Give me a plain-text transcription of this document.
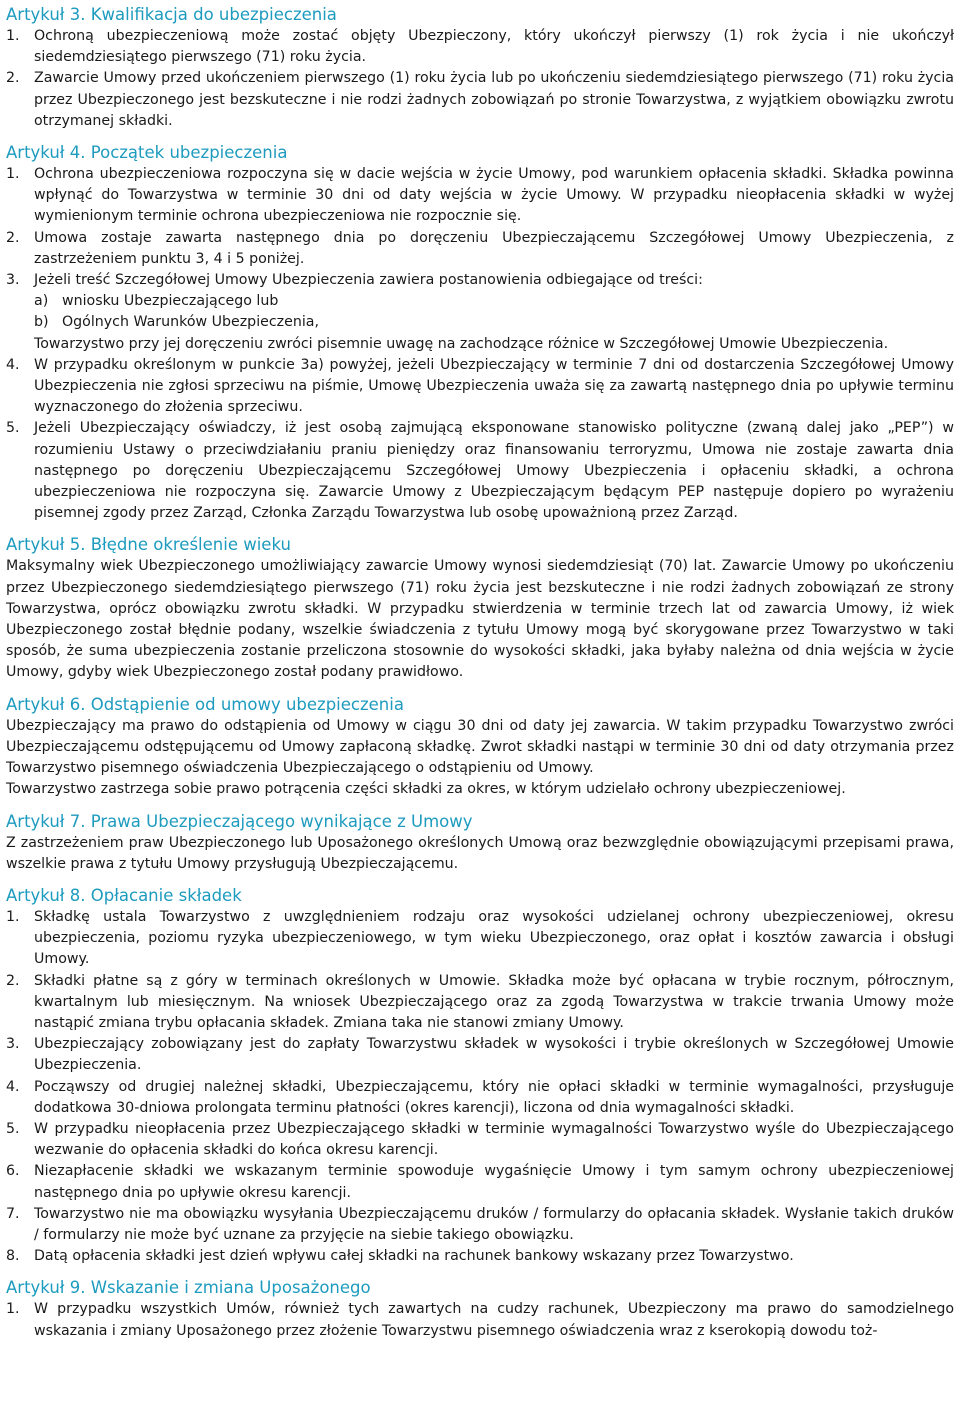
Artykuł 3. Kwalifikacja do ubezpieczenia
1. Ochroną ubezpieczeniową może zostać objęty Ubezpieczony, który ukończył pierwszy (1) rok życia i nie ukończył siedemdziesiątego pierwszego (71) roku życia.
2. Zawarcie Umowy przed ukończeniem pierwszego (1) roku życia lub po ukończeniu siedemdziesiątego pierwszego (71) roku życia przez Ubezpieczonego jest bezskuteczne i nie rodzi żadnych zobowiązań po stronie Towarzystwa, z wyjątkiem obowiązku zwrotu otrzymanej składki.
Artykuł 4. Początek ubezpieczenia
1. Ochrona ubezpieczeniowa rozpoczyna się w dacie wejścia w życie Umowy, pod warunkiem opłacenia składki. Składka powinna wpłynąć do Towarzystwa w terminie 30 dni od daty wejścia w życie Umowy. W przypadku nieopłacenia składki w wyżej wymienionym terminie ochrona ubezpieczeniowa nie rozpocznie się.
2. Umowa zostaje zawarta następnego dnia po doręczeniu Ubezpieczającemu Szczegółowej Umowy Ubezpieczenia, z zastrzeżeniem punktu 3, 4 i 5 poniżej.
3. Jeżeli treść Szczegółowej Umowy Ubezpieczenia zawiera postanowienia odbiegające od treści:
a) wniosku Ubezpieczającego lub
b) Ogólnych Warunków Ubezpieczenia,
Towarzystwo przy jej doręczeniu zwróci pisemnie uwagę na zachodzące różnice w Szczegółowej Umowie Ubezpieczenia.
4. W przypadku określonym w punkcie 3a) powyżej, jeżeli Ubezpieczający w terminie 7 dni od dostarczenia Szczegółowej Umowy Ubezpieczenia nie zgłosi sprzeciwu na piśmie, Umowę Ubezpieczenia uważa się za zawartą następnego dnia po upływie terminu wyznaczonego do złożenia sprzeciwu.
5. Jeżeli Ubezpieczający oświadczy, iż jest osobą zajmującą eksponowane stanowisko polityczne (zwaną dalej jako „PEP”) w rozumieniu Ustawy o przeciwdziałaniu praniu pieniędzy oraz finansowaniu terroryzmu, Umowa nie zostaje zawarta dnia następnego po doręczeniu Ubezpieczającemu Szczegółowej Umowy Ubezpieczenia i opłaceniu składki, a ochrona ubezpieczeniowa nie rozpoczyna się. Zawarcie Umowy z Ubezpieczającym będącym PEP następuje dopiero po wyrażeniu pisemnej zgody przez Zarząd, Członka Zarządu Towarzystwa lub osobę upoważnioną przez Zarząd.
Artykuł 5. Błędne określenie wieku

Maksymalny wiek Ubezpieczonego umożliwiający zawarcie Umowy wynosi siedemdziesiąt (70) lat. Zawarcie Umowy po ukończeniu przez Ubezpieczonego siedemdziesiątego pierwszego (71) roku życia jest bezskuteczne i nie rodzi żadnych zobowiązań ze strony Towarzystwa, oprócz obowiązku zwrotu składki. W przypadku stwierdzenia w terminie trzech lat od zawarcia Umowy, iż wiek Ubezpieczonego został błędnie podany, wszelkie świadczenia z tytułu Umowy mogą być skorygowane przez Towarzystwo w taki sposób, że suma ubezpieczenia zostanie przeliczona stosownie do wysokości składki, jaka byłaby należna od dnia wejścia w życie Umowy, gdyby wiek Ubezpieczonego został podany prawidłowo.

Artykuł 6. Odstąpienie od umowy ubezpieczenia

Ubezpieczający ma prawo do odstąpienia od Umowy w ciągu 30 dni od daty jej zawarcia. W takim przypadku Towarzystwo zwróci Ubezpieczającemu odstępującemu od Umowy zapłaconą składkę. Zwrot składki nastąpi w terminie 30 dni od daty otrzymania przez Towarzystwo pisemnego oświadczenia Ubezpieczającego o odstąpieniu od Umowy.

Towarzystwo zastrzega sobie prawo potrącenia części składki za okres, w którym udzielało ochrony ubezpieczeniowej.

Artykuł 7. Prawa Ubezpieczającego wynikające z Umowy

Z zastrzeżeniem praw Ubezpieczonego lub Uposażonego określonych Umową oraz bezwzględnie obowiązującymi przepisami prawa, wszelkie prawa z tytułu Umowy przysługują Ubezpieczającemu.

Artykuł 8. Opłacanie składek
1. Składkę ustala Towarzystwo z uwzględnieniem rodzaju oraz wysokości udzielanej ochrony ubezpieczeniowej, okresu ubezpieczenia, poziomu ryzyka ubezpieczeniowego, w tym wieku Ubezpieczonego, oraz opłat i kosztów zawarcia i obsługi Umowy.
2. Składki płatne są z góry w terminach określonych w Umowie. Składka może być opłacana w trybie rocznym, półrocznym, kwartalnym lub miesięcznym. Na wniosek Ubezpieczającego oraz za zgodą Towarzystwa w trakcie trwania Umowy może nastąpić zmiana trybu opłacania składek. Zmiana taka nie stanowi zmiany Umowy.
3. Ubezpieczający zobowiązany jest do zapłaty Towarzystwu składek w wysokości i trybie określonych w Szczegółowej Umowie Ubezpieczenia.
4. Począwszy od drugiej należnej składki, Ubezpieczającemu, który nie opłaci składki w terminie wymagalności, przysługuje dodatkowa 30-dniowa prolongata terminu płatności (okres karencji), liczona od dnia wymagalności składki.
5. W przypadku nieopłacenia przez Ubezpieczającego składki w terminie wymagalności Towarzystwo wyśle do Ubezpieczającego wezwanie do opłacenia składki do końca okresu karencji.
6. Niezapłacenie składki we wskazanym terminie spowoduje wygaśnięcie Umowy i tym samym ochrony ubezpieczeniowej następnego dnia po upływie okresu karencji.
7. Towarzystwo nie ma obowiązku wysyłania Ubezpieczającemu druków / formularzy do opłacania składek. Wysłanie takich druków / formularzy nie może być uznane za przyjęcie na siebie takiego obowiązku.
8. Datą opłacenia składki jest dzień wpływu całej składki na rachunek bankowy wskazany przez Towarzystwo.
Artykuł 9. Wskazanie i zmiana Uposażonego
1. W przypadku wszystkich Umów, również tych zawartych na cudzy rachunek, Ubezpieczony ma prawo do samodzielnego wskazania i zmiany Uposażonego przez złożenie Towarzystwu pisemnego oświadczenia wraz z kserokopią dowodu toż-
